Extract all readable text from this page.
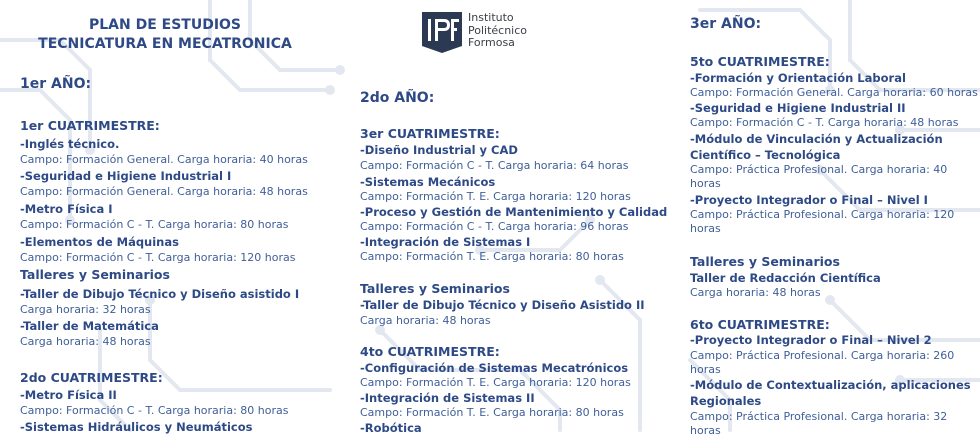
PLAN DE ESTUDIOS
TECNICATURA EN MECATRONICA
Instituto
Politécnico
Formosa
1er AÑO:
1er CUATRIMESTRE:
-Inglés técnico.
Campo: Formación General. Carga horaria: 40 horas
-Seguridad e Higiene Industrial I
Campo: Formación General. Carga horaria: 48 horas
-Metro Física I
Campo: Formación C - T. Carga horaria: 80 horas
-Elementos de Máquinas
Campo: Formación C - T. Carga horaria: 120 horas
Talleres y Seminarios
-Taller de Dibujo Técnico y Diseño asistido I
Carga horaria: 32 horas
-Taller de Matemática
Carga horaria: 48 horas
2do CUATRIMESTRE:
-Metro Física II
Campo: Formación C - T. Carga horaria: 80 horas
-Sistemas Hidráulicos y Neumáticos
2do AÑO:
3er CUATRIMESTRE:
-Diseño Industrial y CAD
Campo: Formación C - T. Carga horaria: 64 horas
-Sistemas Mecánicos
Campo: Formación T. E. Carga horaria: 120 horas
-Proceso y Gestión de Mantenimiento y Calidad
Campo: Formación C - T. Carga horaria: 96 horas
-Integración de Sistemas I
Campo: Formación T. E. Carga horaria: 80 horas
Talleres y Seminarios
-Taller de Dibujo Técnico y Diseño Asistido II
Carga horaria: 48 horas
4to CUATRIMESTRE:
-Configuración de Sistemas Mecatrónicos
Campo: Formación T. E. Carga horaria: 120 horas
-Integración de Sistemas II
Campo: Formación T. E. Carga horaria: 80 horas
-Robótica
3er AÑO:
5to CUATRIMESTRE:
-Formación y Orientación Laboral
Campo: Formación General. Carga horaria: 60 horas
-Seguridad e Higiene Industrial II
Campo: Formación C - T. Carga horaria: 48 horas
-Módulo de Vinculación y Actualización
Científico – Tecnológica
Campo: Práctica Profesional. Carga horaria: 40
horas
-Proyecto Integrador o Final – Nivel I
Campo: Práctica Profesional. Carga horaria: 120
horas
Talleres y Seminarios
Taller de Redacción Científica
Carga horaria: 48 horas
6to CUATRIMESTRE:
-Proyecto Integrador o Final – Nivel 2
Campo: Práctica Profesional. Carga horaria: 260
horas
-Módulo de Contextualización, aplicaciones
Regionales
Campo: Práctica Profesional. Carga horaria: 32
horas
